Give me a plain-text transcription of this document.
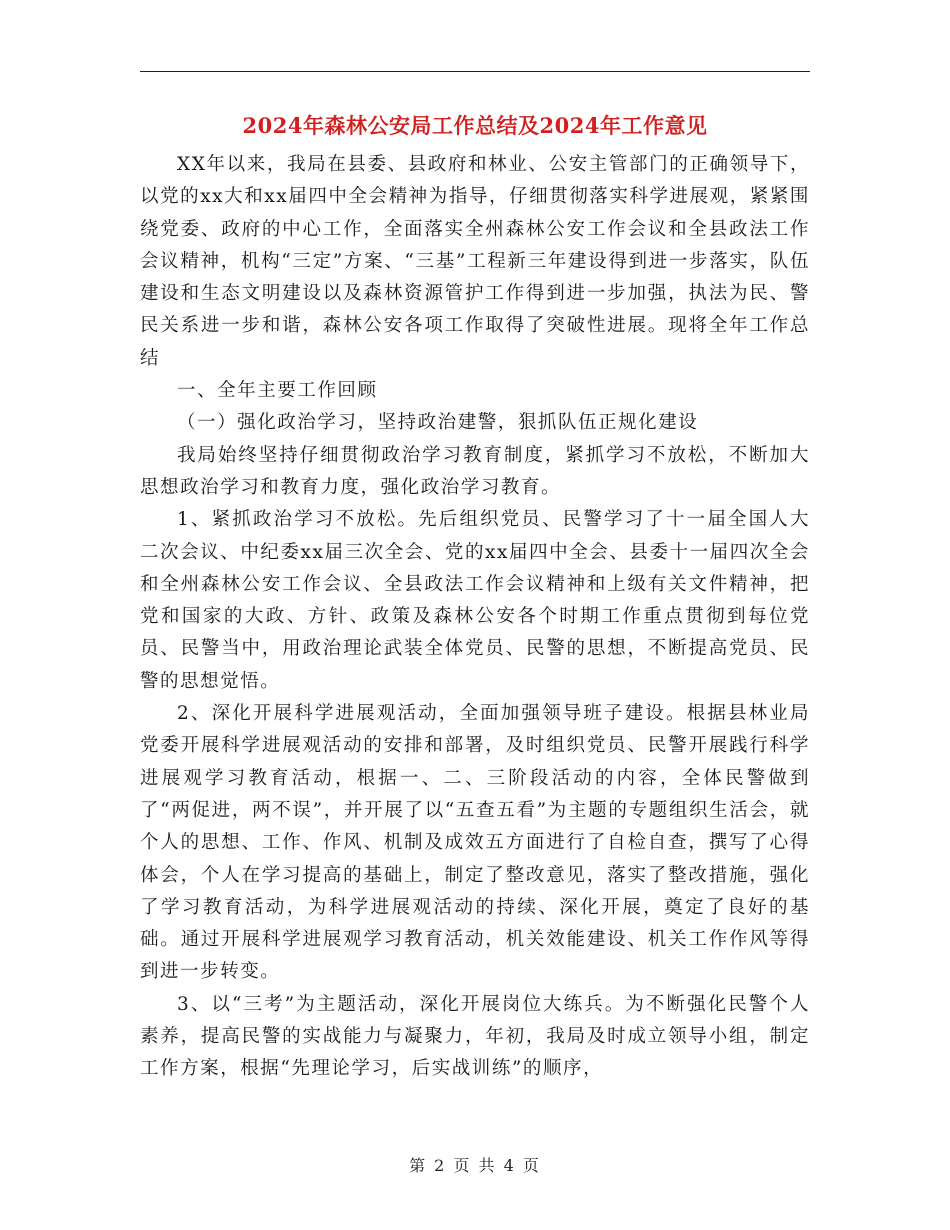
2024年森林公安局工作总结及2024年工作意见

XX年以来，我局在县委、县政府和林业、公安主管部门的正确领导下，以党的xx大和xx届四中全会精神为指导，仔细贯彻落实科学进展观，紧紧围绕党委、政府的中心工作，全面落实全州森林公安工作会议和全县政法工作会议精神，机构“三定”方案、“三基”工程新三年建设得到进一步落实，队伍建设和生态文明建设以及森林资源管护工作得到进一步加强，执法为民、警民关系进一步和谐，森林公安各项工作取得了突破性进展。现将全年工作总结

一、全年主要工作回顾

（一）强化政治学习，坚持政治建警，狠抓队伍正规化建设

我局始终坚持仔细贯彻政治学习教育制度，紧抓学习不放松，不断加大思想政治学习和教育力度，强化政治学习教育。

1、紧抓政治学习不放松。先后组织党员、民警学习了十一届全国人大二次会议、中纪委xx届三次全会、党的xx届四中全会、县委十一届四次全会和全州森林公安工作会议、全县政法工作会议精神和上级有关文件精神，把党和国家的大政、方针、政策及森林公安各个时期工作重点贯彻到每位党员、民警当中，用政治理论武装全体党员、民警的思想，不断提高党员、民警的思想觉悟。

2、深化开展科学进展观活动，全面加强领导班子建设。根据县林业局党委开展科学进展观活动的安排和部署，及时组织党员、民警开展践行科学进展观学习教育活动，根据一、二、三阶段活动的内容，全体民警做到了“两促进，两不误”，并开展了以“五查五看”为主题的专题组织生活会，就个人的思想、工作、作风、机制及成效五方面进行了自检自查，撰写了心得体会，个人在学习提高的基础上，制定了整改意见，落实了整改措施，强化了学习教育活动，为科学进展观活动的持续、深化开展，奠定了良好的基础。通过开展科学进展观学习教育活动，机关效能建设、机关工作作风等得到进一步转变。

3、以“三考”为主题活动，深化开展岗位大练兵。为不断强化民警个人素养，提高民警的实战能力与凝聚力，年初，我局及时成立领导小组，制定工作方案，根据“先理论学习，后实战训练”的顺序，

第 2 页 共 4 页
